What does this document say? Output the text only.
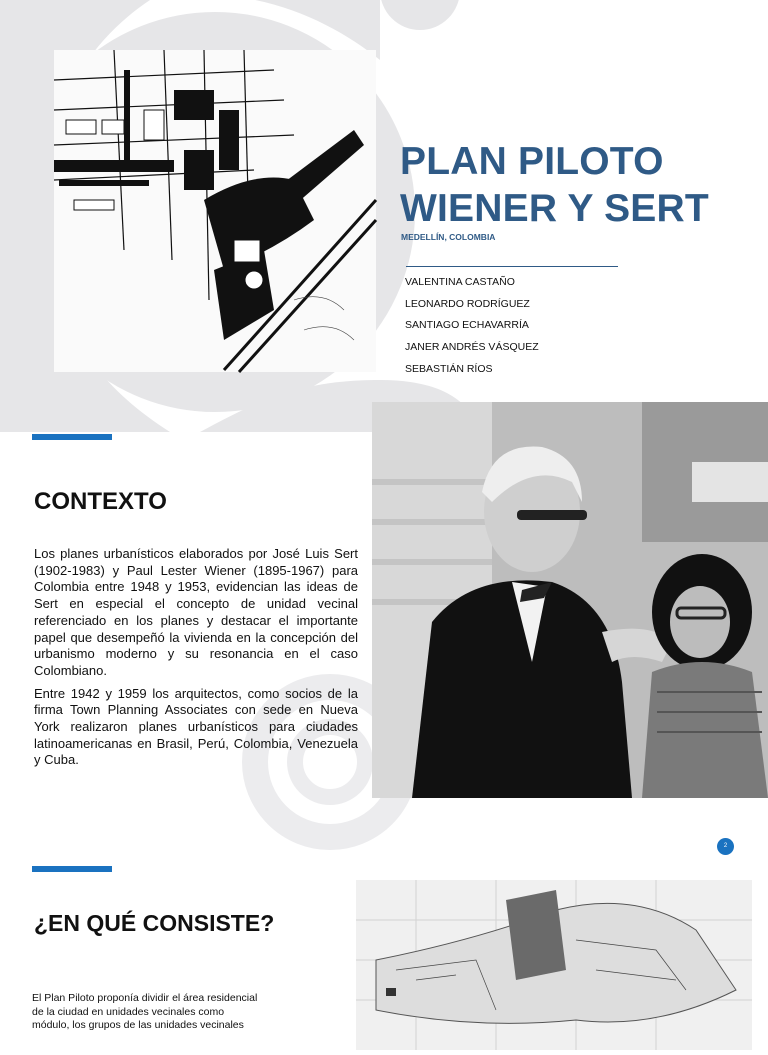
PLAN PILOTO
WIENER Y SERT
MEDELLÍN, COLOMBIA
VALENTINA CASTAÑO
LEONARDO RODRÍGUEZ
SANTIAGO ECHAVARRÍA
JANER ANDRÉS VÁSQUEZ
SEBASTIÁN RÍOS
CONTEXTO

Los planes urbanísticos elaborados por José Luis Sert (1902-1983) y Paul Lester Wiener (1895-1967) para Colombia entre 1948 y 1953, evidencian las ideas de Sert en especial el concepto de unidad vecinal referenciado en los planes y destacar el importante papel que desempeñó la vivienda en la concepción del urbanismo moderno y su resonancia en el caso Colombiano.

Entre 1942 y 1959 los arquitectos, como socios de la firma Town Planning Associates con sede en Nueva York realizaron planes urbanísticos para ciudades latinoamericanas en Brasil, Perú, Colombia, Venezuela y Cuba.

2
¿EN QUÉ CONSISTE?
El Plan Piloto proponía dividir el área residencial
de la ciudad en unidades vecinales como
módulo, los grupos de las unidades vecinales
